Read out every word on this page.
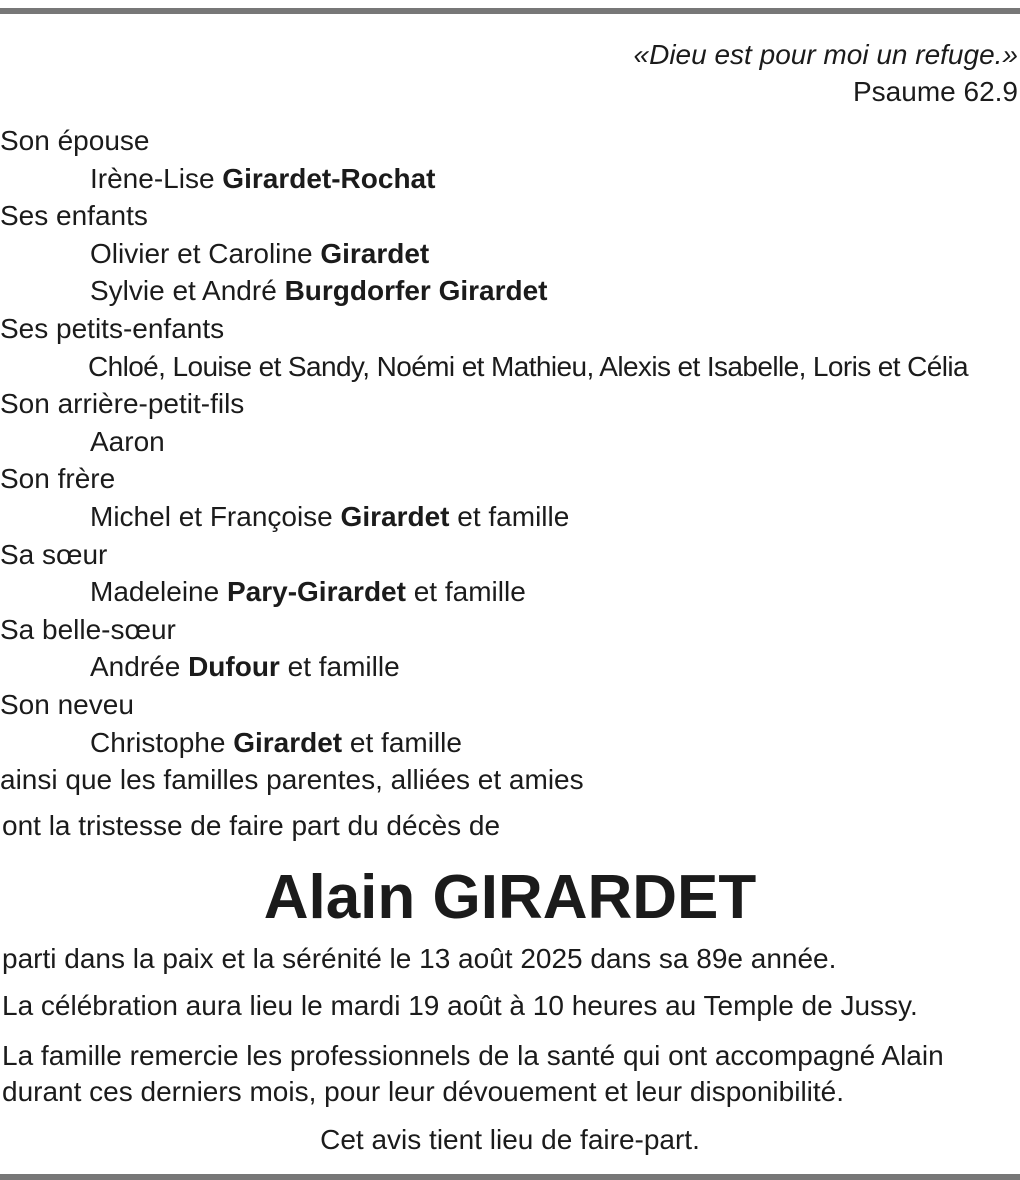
«Dieu est pour moi un refuge.»
Psaume 62.9
Son épouse
Irène-Lise Girardet-Rochat
Ses enfants
Olivier et Caroline Girardet
Sylvie et André Burgdorfer Girardet
Ses petits-enfants
Chloé, Louise et Sandy, Noémi et Mathieu, Alexis et Isabelle, Loris et Célia
Son arrière-petit-fils
Aaron
Son frère
Michel et Françoise Girardet et famille
Sa sœur
Madeleine Pary-Girardet et famille
Sa belle-sœur
Andrée Dufour et famille
Son neveu
Christophe Girardet et famille
ainsi que les familles parentes, alliées et amies
ont la tristesse de faire part du décès de
Alain GIRARDET
parti dans la paix et la sérénité le 13 août 2025 dans sa 89e année.
La célébration aura lieu le mardi 19 août à 10 heures au Temple de Jussy.
La famille remercie les professionnels de la santé qui ont accompagné Alain
durant ces derniers mois, pour leur dévouement et leur disponibilité.
Cet avis tient lieu de faire-part.
